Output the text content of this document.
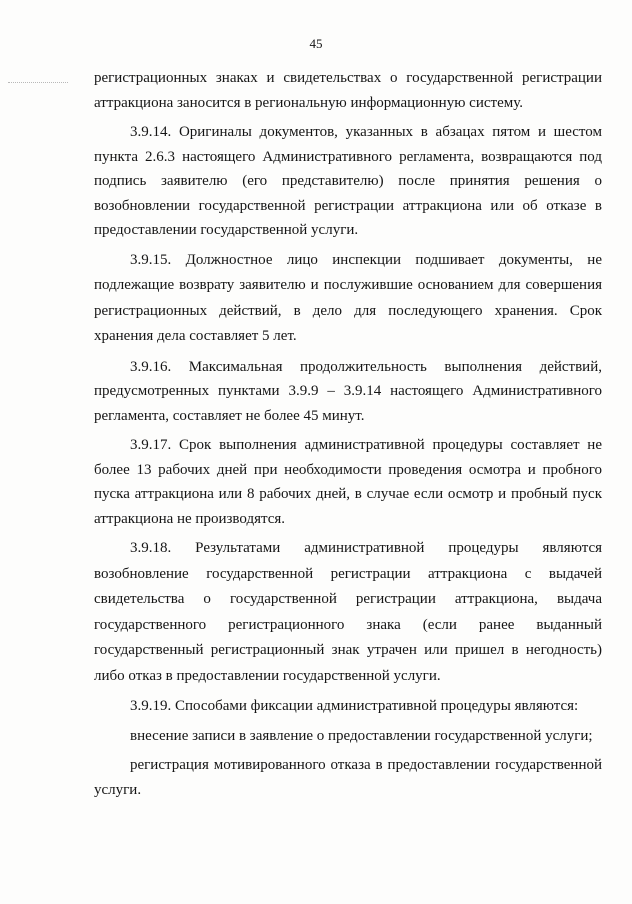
45

регистрационных знаках и свидетельствах о государственной регистрации аттракциона заносится в региональную информационную систему.

3.9.14. Оригиналы документов, указанных в абзацах пятом и шестом пункта 2.6.3 настоящего Административного регламента, возвращаются под подпись заявителю (его представителю) после принятия решения о возобновлении государственной регистрации аттракциона или об отказе в предоставлении государственной услуги.

3.9.15. Должностное лицо инспекции подшивает документы, не подлежащие возврату заявителю и послужившие основанием для совершения регистрационных действий, в дело для последующего хранения. Срок хранения дела составляет 5 лет.

3.9.16. Максимальная продолжительность выполнения действий, предусмотренных пунктами 3.9.9 – 3.9.14 настоящего Административного регламента, составляет не более 45 минут.

3.9.17. Срок выполнения административной процедуры составляет не более 13 рабочих дней при необходимости проведения осмотра и пробного пуска аттракциона или 8 рабочих дней, в случае если осмотр и пробный пуск аттракциона не производятся.

3.9.18. Результатами административной процедуры являются возобновление государственной регистрации аттракциона с выдачей свидетельства о государственной регистрации аттракциона, выдача государственного регистрационного знака (если ранее выданный государственный регистрационный знак утрачен или пришел в негодность) либо отказ в предоставлении государственной услуги.

3.9.19. Способами фиксации административной процедуры являются:

внесение записи в заявление о предоставлении государственной услуги;

регистрация мотивированного отказа в предоставлении государственной услуги.
